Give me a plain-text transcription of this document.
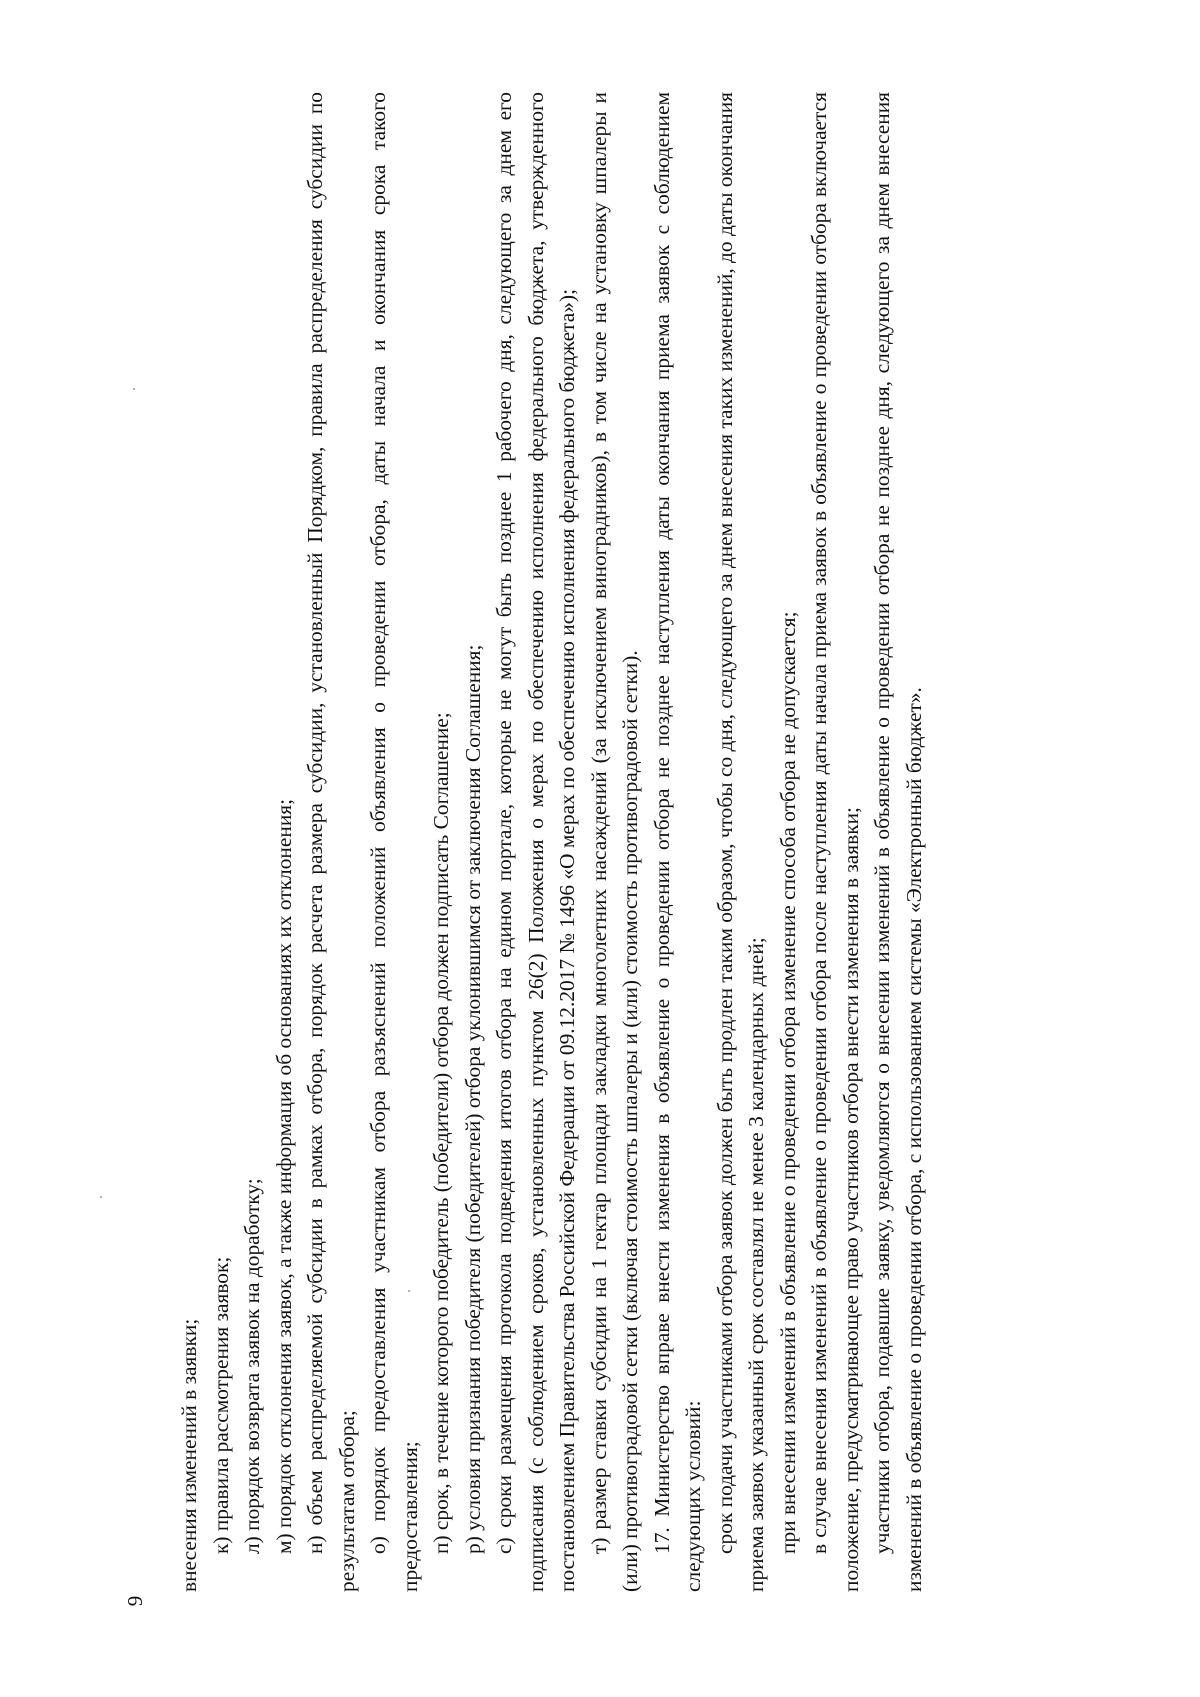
9

внесения изменений в заявки; к) правила рассмотрения заявок; л) порядок возврата заявок на доработку; м) порядок отклонения заявок, а также информация об основаниях их отклонения; н) объем распределяемой субсидии в рамках отбора, порядок расчета размера субсидии, установленный Порядком, правила распределения субсидии по результатам отбора; о) порядок предоставления участникам отбора разъяснений положений объявления о проведении отбора, даты начала и окончания срока такого предоставления; п) срок, в течение которого победитель (победители) отбора должен подписать Соглашение; р) условия признания победителя (победителей) отбора уклонившимся от заключения Соглашения; с) сроки размещения протокола подведения итогов отбора на едином портале, которые не могут быть позднее 1 рабочего дня, следующего за днем его подписания (с соблюдением сроков, установленных пунктом 26(2) Положения о мерах по обеспечению исполнения федерального бюджета, утвержденного постановлением Правительства Российской Федерации от 09.12.2017 № 1496 «О мерах по обеспечению исполнения федерального бюджета»); т) размер ставки субсидии на 1 гектар площади закладки многолетних насаждений (за исключением виноградников), в том числе на установку шпалеры и (или) противоградовой сетки (включая стоимость шпалеры и (или) стоимость противоградовой сетки). 17. Министерство вправе внести изменения в объявление о проведении отбора не позднее наступления даты окончания приема заявок с соблюдением следующих условий: срок подачи участниками отбора заявок должен быть продлен таким образом, чтобы со дня, следующего за днем внесения таких изменений, до даты окончания приема заявок указанный срок составлял не менее 3 календарных дней; при внесении изменений в объявление о проведении отбора изменение способа отбора не допускается; в случае внесения изменений в объявление о проведении отбора после наступления даты начала приема заявок в объявление о проведении отбора включается положение, предусматривающее право участников отбора внести изменения в заявки; участники отбора, подавшие заявку, уведомляются о внесении изменений в объявление о проведении отбора не позднее дня, следующего за днем внесения изменений в объявление о проведении отбора, с использованием системы «Электронный бюджет».
